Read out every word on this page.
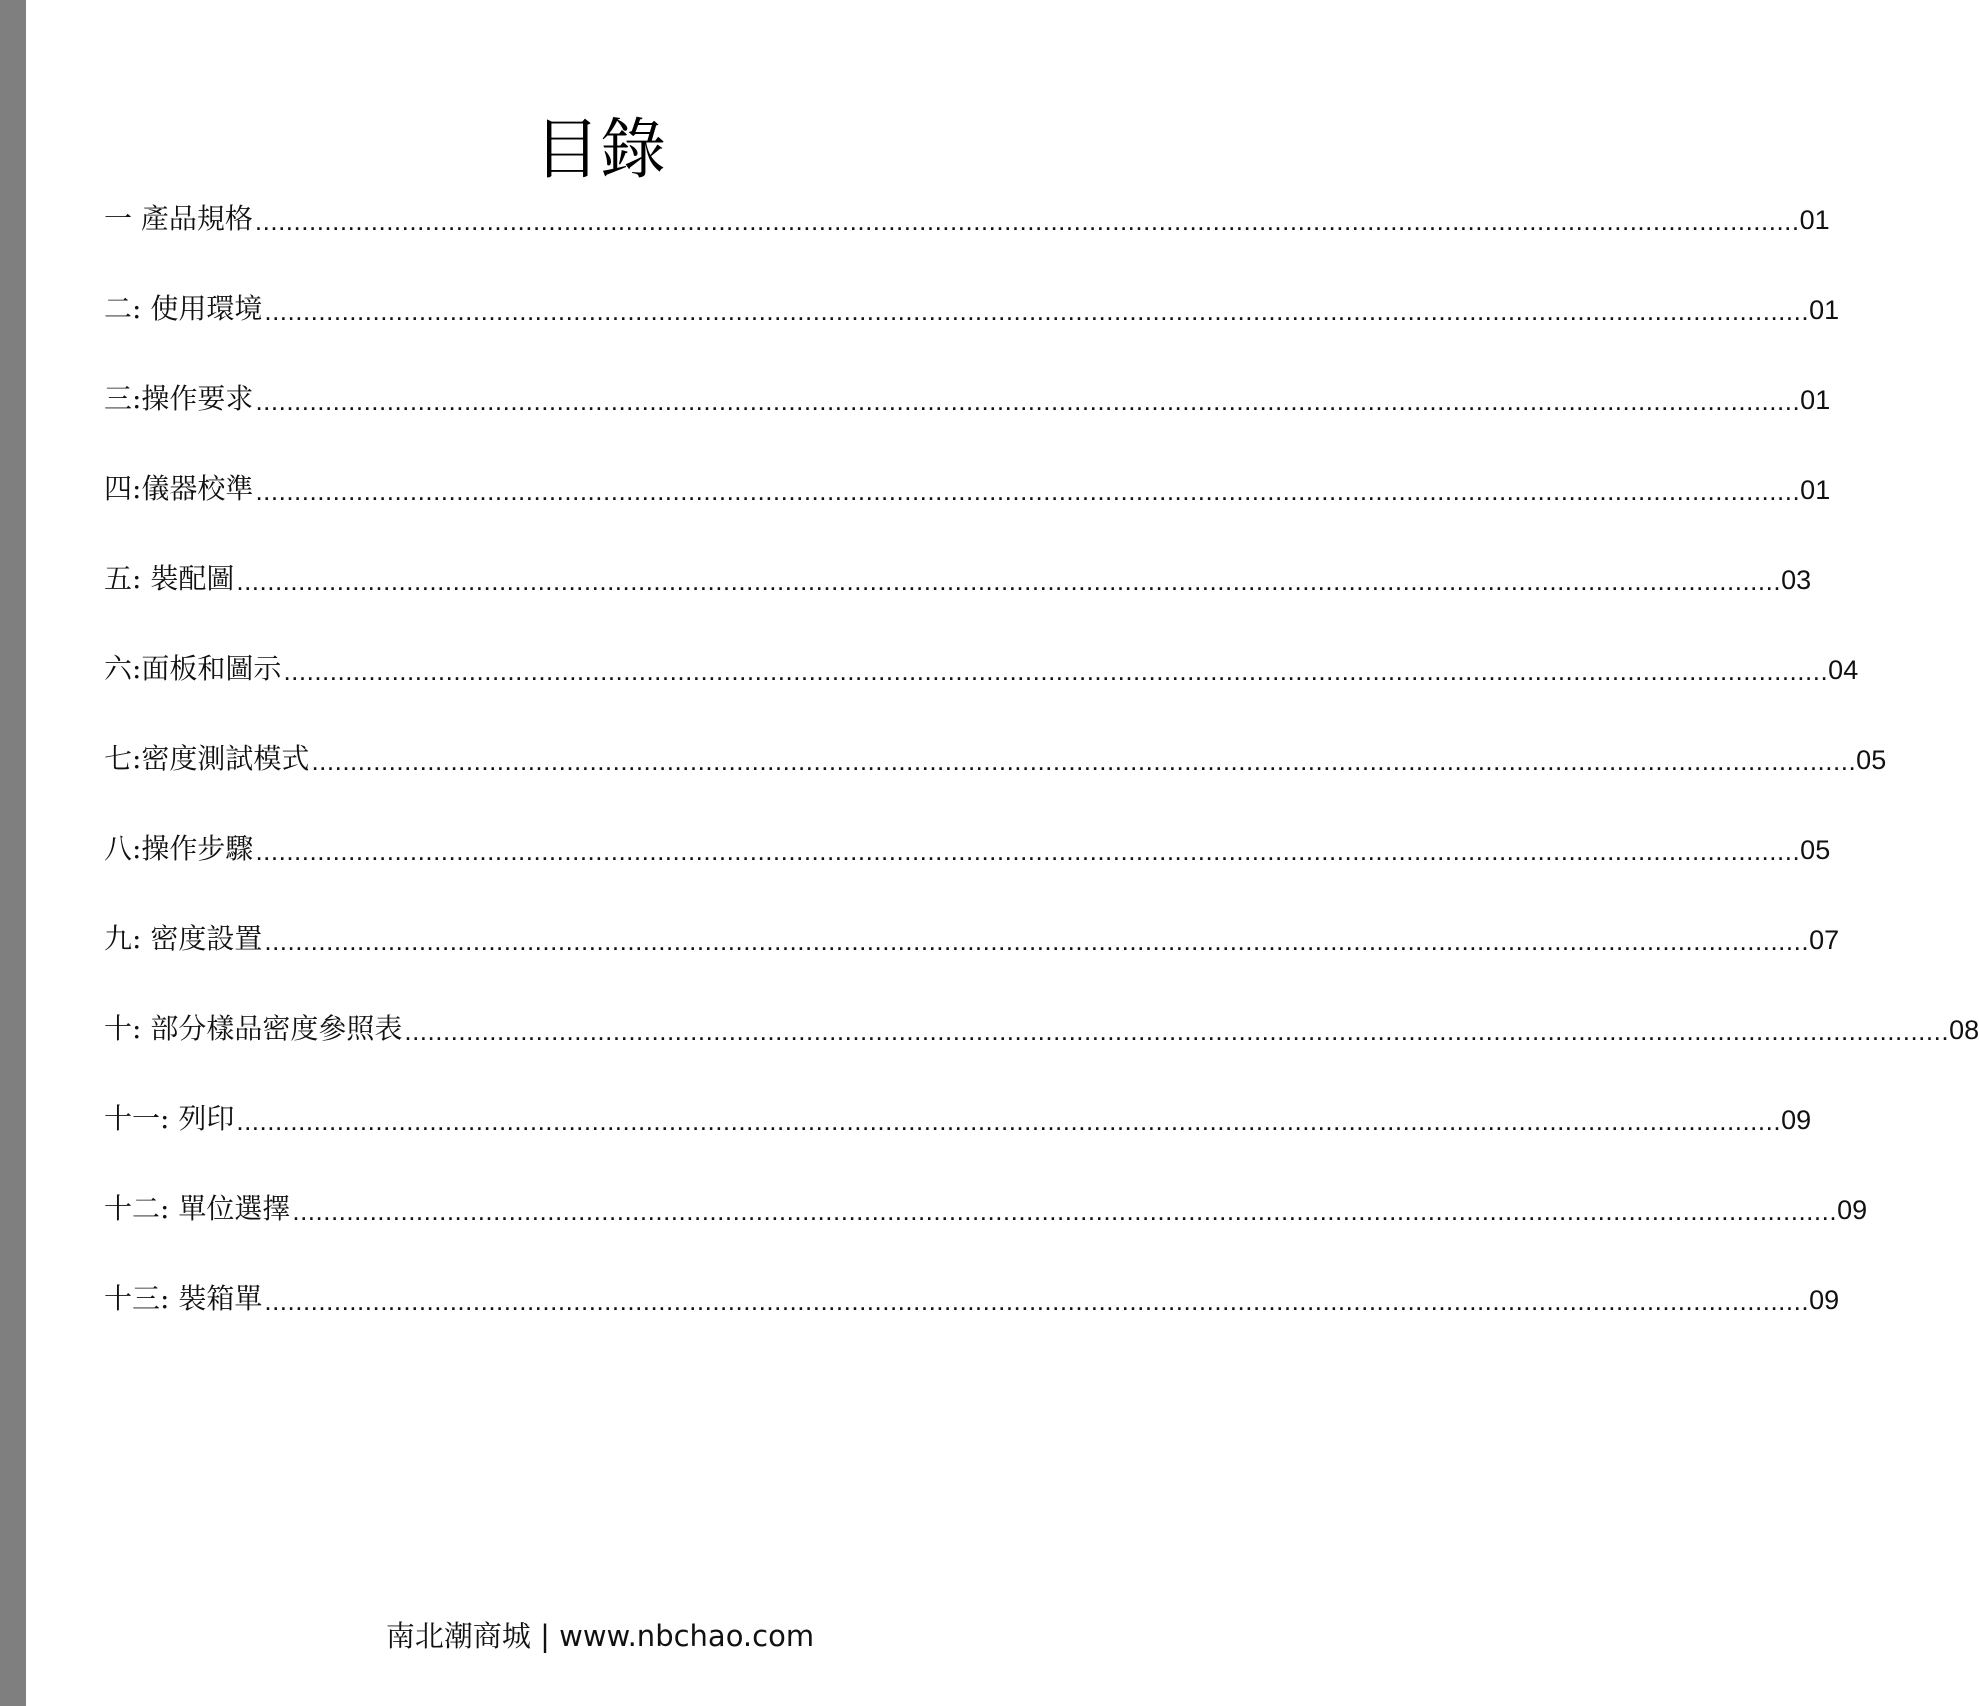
目錄
一 產品規格 ........................................................................................................................................................................................................ 01
二: 使用環境 ........................................................................................................................................................................................................ 01
三:操作要求 ........................................................................................................................................................................................................ 01
四:儀器校準 ........................................................................................................................................................................................................ 01
五: 裝配圖 ........................................................................................................................................................................................................ 03
六:面板和圖示 ........................................................................................................................................................................................................ 04
七:密度測試模式 ........................................................................................................................................................................................................ 05
八:操作步驟 ........................................................................................................................................................................................................ 05
九: 密度設置 ........................................................................................................................................................................................................ 07
十: 部分樣品密度參照表 ........................................................................................................................................................................................................ 08
十一: 列印 ........................................................................................................................................................................................................ 09
十二: 單位選擇 ........................................................................................................................................................................................................ 09
十三: 裝箱單 ........................................................................................................................................................................................................ 09
南北潮商城 | www.nbchao.com
